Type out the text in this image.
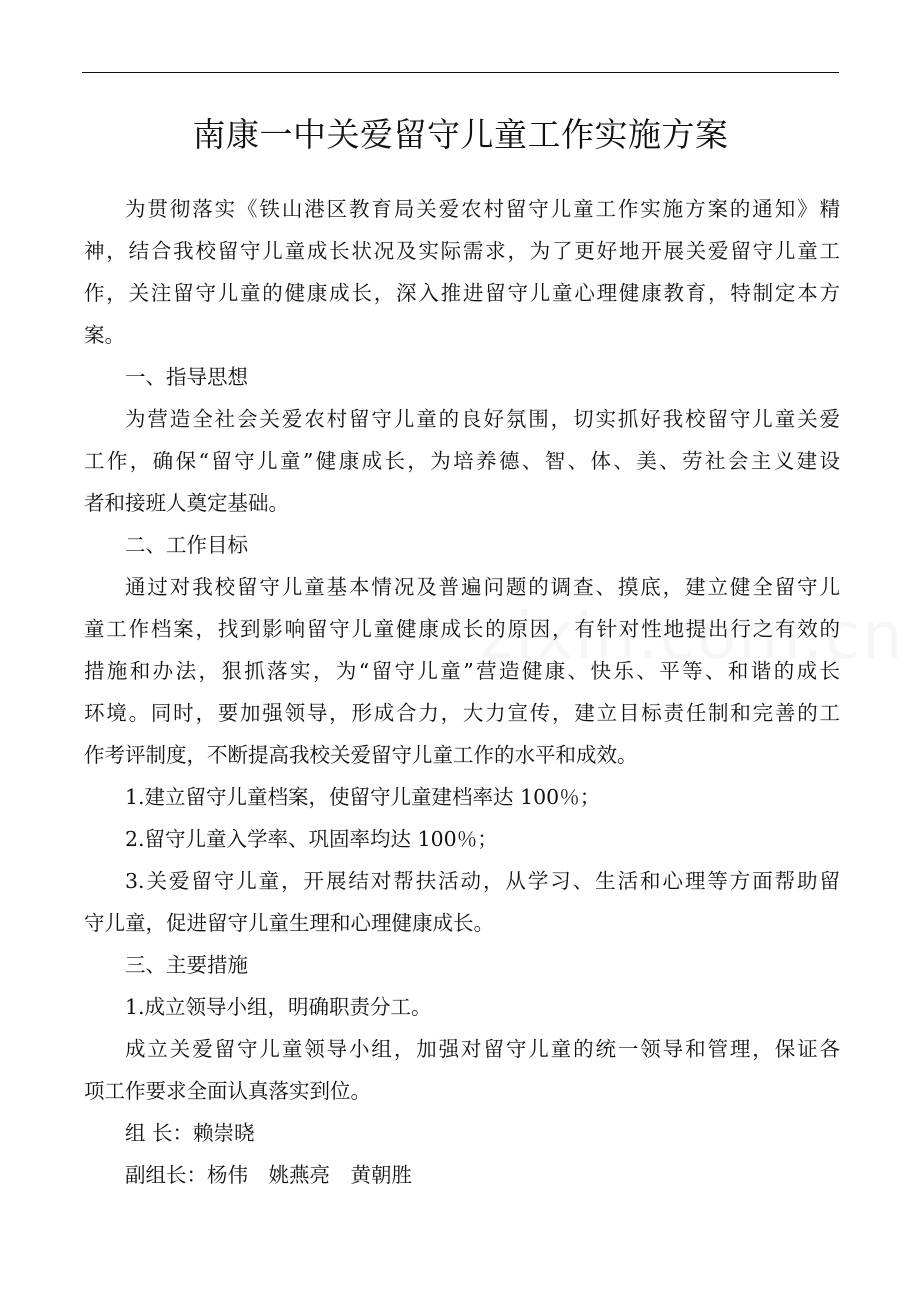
南康一中关爱留守儿童工作实施方案
为贯彻落实《铁山港区教育局关爱农村留守儿童工作实施方案的通知》精
神，结合我校留守儿童成长状况及实际需求，为了更好地开展关爱留守儿童工
作，关注留守儿童的健康成长，深入推进留守儿童心理健康教育，特制定本方
案。
一、指导思想
为营造全社会关爱农村留守儿童的良好氛围，切实抓好我校留守儿童关爱
工作，确保“留守儿童”健康成长，为培养德、智、体、美、劳社会主义建设
者和接班人奠定基础。
二、工作目标
通过对我校留守儿童基本情况及普遍问题的调查、摸底，建立健全留守儿
童工作档案，找到影响留守儿童健康成长的原因，有针对性地提出行之有效的
措施和办法，狠抓落实，为“留守儿童”营造健康、快乐、平等、和谐的成长
环境。同时，要加强领导，形成合力，大力宣传，建立目标责任制和完善的工
作考评制度，不断提高我校关爱留守儿童工作的水平和成效。
1.建立留守儿童档案，使留守儿童建档率达 100％；
2.留守儿童入学率、巩固率均达 100％；
3.关爱留守儿童，开展结对帮扶活动，从学习、生活和心理等方面帮助留
守儿童，促进留守儿童生理和心理健康成长。
三、主要措施
1.成立领导小组，明确职责分工。
成立关爱留守儿童领导小组，加强对留守儿童的统一领导和管理，保证各
项工作要求全面认真落实到位。
组 长：赖崇晓
副组长：杨伟　姚燕亮　黄朝胜
